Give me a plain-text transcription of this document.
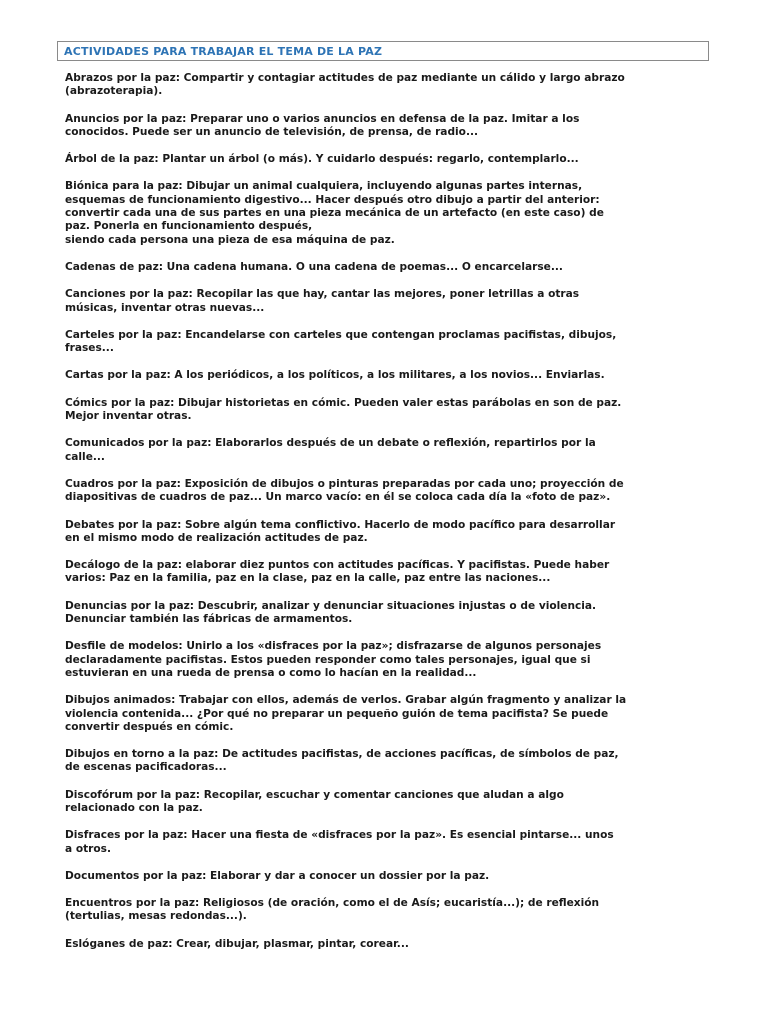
ACTIVIDADES PARA TRABAJAR EL TEMA DE LA PAZ
Abrazos por la paz: Compartir y contagiar actitudes de paz mediante un cálido y largo abrazo
(abrazoterapia).
Anuncios por la paz: Preparar uno o varios anuncios en defensa de la paz. Imitar a los
conocidos. Puede ser un anuncio de televisión, de prensa, de radio...
Árbol de la paz: Plantar un árbol (o más). Y cuidarlo después: regarlo, contemplarlo...
Biónica para la paz: Dibujar un animal cualquiera, incluyendo algunas partes internas,
esquemas de funcionamiento digestivo... Hacer después otro dibujo a partir del anterior:
convertir cada una de sus partes en una pieza mecánica de un artefacto (en este caso) de
paz. Ponerla en funcionamiento después,
siendo cada persona una pieza de esa máquina de paz.
Cadenas de paz: Una cadena humana. O una cadena de poemas... O encarcelarse...
Canciones por la paz: Recopilar las que hay, cantar las mejores, poner letrillas a otras
músicas, inventar otras nuevas...
Carteles por la paz: Encandelarse con carteles que contengan proclamas pacifistas, dibujos,
frases...
Cartas por la paz: A los periódicos, a los políticos, a los militares, a los novios... Enviarlas.
Cómics por la paz: Dibujar historietas en cómic. Pueden valer estas parábolas en son de paz.
Mejor inventar otras.
Comunicados por la paz: Elaborarlos después de un debate o reflexión, repartirlos por la
calle...
Cuadros por la paz: Exposición de dibujos o pinturas preparadas por cada uno; proyección de
diapositivas de cuadros de paz... Un marco vacío: en él se coloca cada día la «foto de paz».
Debates por la paz: Sobre algún tema conflictivo. Hacerlo de modo pacífico para desarrollar
en el mismo modo de realización actitudes de paz.
Decálogo de la paz: elaborar diez puntos con actitudes pacíficas. Y pacifistas. Puede haber
varios: Paz en la familia, paz en la clase, paz en la calle, paz entre las naciones...
Denuncias por la paz: Descubrir, analizar y denunciar situaciones injustas o de violencia.
Denunciar también las fábricas de armamentos.
Desfile de modelos: Unirlo a los «disfraces por la paz»; disfrazarse de algunos personajes
declaradamente pacifistas. Estos pueden responder como tales personajes, igual que si
estuvieran en una rueda de prensa o como lo hacían en la realidad...
Dibujos animados: Trabajar con ellos, además de verlos. Grabar algún fragmento y analizar la
violencia contenida... ¿Por qué no preparar un pequeño guión de tema pacifista? Se puede
convertir después en cómic.
Dibujos en torno a la paz: De actitudes pacifistas, de acciones pacíficas, de símbolos de paz,
de escenas pacificadoras...
Discofórum por la paz: Recopilar, escuchar y comentar canciones que aludan a algo
relacionado con la paz.
Disfraces por la paz: Hacer una fiesta de «disfraces por la paz». Es esencial pintarse... unos
a otros.
Documentos por la paz: Elaborar y dar a conocer un dossier por la paz.
Encuentros por la paz: Religiosos (de oración, como el de Asís; eucaristía...); de reflexión
(tertulias, mesas redondas...).
Eslóganes de paz: Crear, dibujar, plasmar, pintar, corear...
